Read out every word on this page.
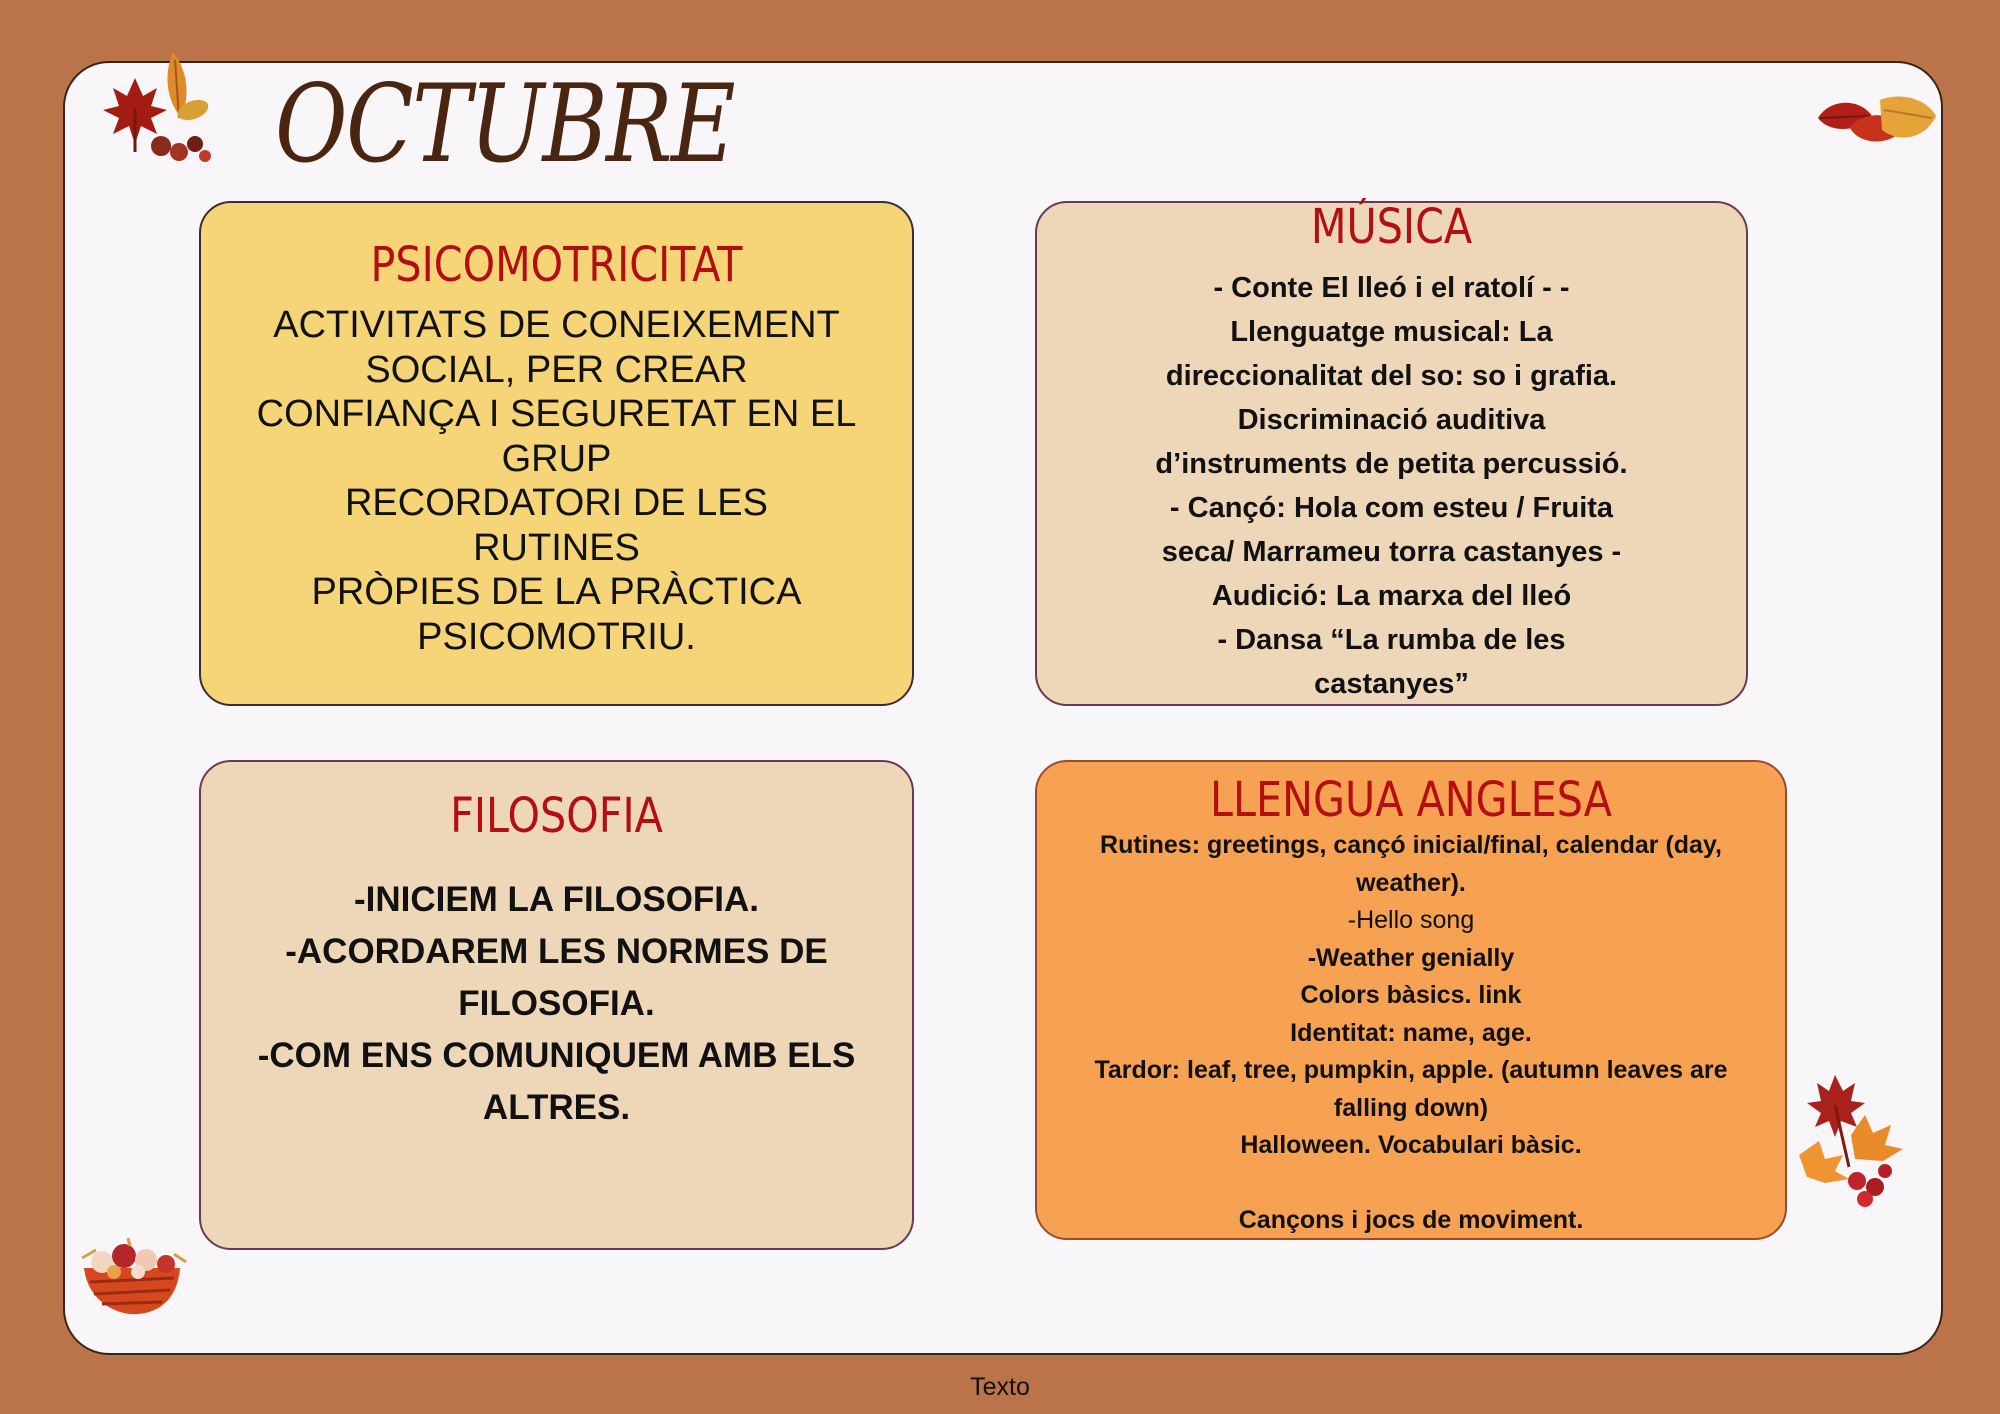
OCTUBRE
PSICOMOTRICITAT

ACTIVITATS DE CONEIXEMENT

SOCIAL, PER CREAR

CONFIANÇA I SEGURETAT EN EL

GRUP

RECORDATORI DE LES

RUTINES

PRÒPIES DE LA PRÀCTICA

PSICOMOTRIU.

MÚSICA

- Conte El lleó i el ratolí - -

Llenguatge musical: La

direccionalitat del so: so i grafia.

Discriminació auditiva

d’instruments de petita percussió.

- Cançó: Hola com esteu / Fruita

seca/ Marrameu torra castanyes -

Audició: La marxa del lleó

- Dansa “La rumba de les

castanyes”

FILOSOFIA

-INICIEM LA FILOSOFIA.

-ACORDAREM LES NORMES DE

FILOSOFIA.

-COM ENS COMUNIQUEM AMB ELS

ALTRES.

LLENGUA ANGLESA

Rutines: greetings, cançó inicial/final, calendar (day,

weather).

-Hello song

-Weather genially

Colors bàsics. link

Identitat: name, age.

Tardor: leaf, tree, pumpkin, apple. (autumn leaves are

falling down)

Halloween. Vocabulari bàsic.

Cançons i jocs de moviment.

Texto
